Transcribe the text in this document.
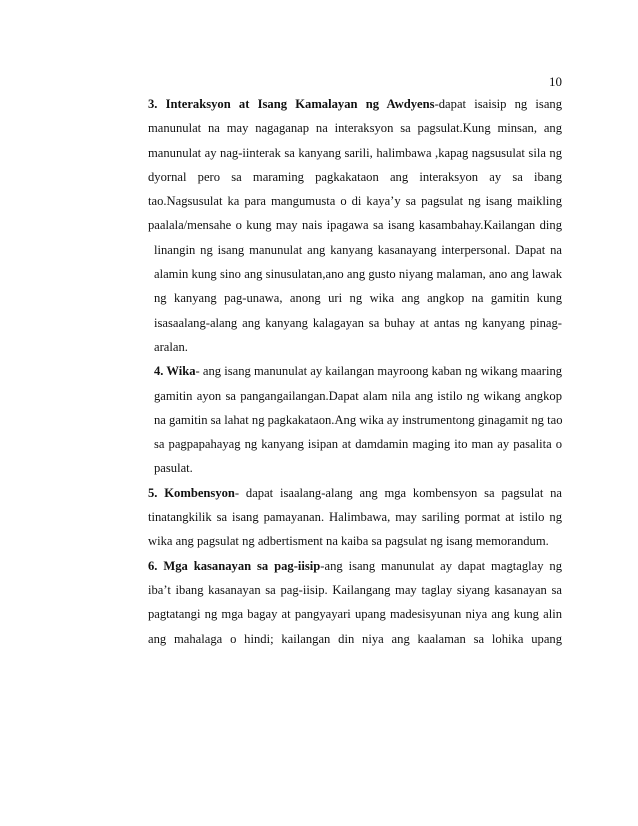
10
3. Interaksyon at Isang Kamalayan ng Awdyens-dapat isaisip ng isang
manunulat na may nagaganap na interaksyon sa pagsulat.Kung minsan, ang
manunulat ay nag-iinterak sa kanyang sarili, halimbawa ,kapag nagsusulat sila ng
dyornal pero sa maraming pagkakataon ang interaksyon ay sa ibang
tao.Nagsusulat ka para mangumusta o di kaya’y sa pagsulat ng isang maikling
paalala/mensahe o kung may nais ipagawa sa isang kasambahay.Kailangan ding
linangin ng isang manunulat ang kanyang kasanayang interpersonal. Dapat na
alamin kung sino ang sinusulatan,ano ang gusto niyang malaman, ano ang lawak
ng kanyang pag-unawa, anong uri ng wika ang angkop na gamitin kung
isasaalang-alang ang kanyang kalagayan sa buhay at antas ng kanyang pinag-
aralan.
4. Wika- ang isang manunulat ay kailangan mayroong kaban ng wikang maaring
gamitin ayon sa pangangailangan.Dapat alam nila ang istilo ng wikang angkop
na gamitin sa lahat ng pagkakataon.Ang wika ay instrumentong ginagamit ng tao
sa pagpapahayag ng kanyang isipan at damdamin maging ito man ay pasalita o
pasulat.
5. Kombensyon- dapat isaalang-alang ang mga kombensyon sa pagsulat na
tinatangkilik sa isang pamayanan. Halimbawa, may sariling pormat at istilo ng
wika ang pagsulat ng adbertisment na kaiba sa pagsulat ng isang memorandum.
6. Mga kasanayan sa pag-iisip-ang isang manunulat ay dapat magtaglay ng
iba’t ibang kasanayan sa pag-iisip. Kailangang may taglay siyang kasanayan sa
pagtatangi ng mga bagay at pangyayari upang madesisyunan niya ang kung alin
ang mahalaga o hindi; kailangan din niya ang kaalaman sa lohika upang
